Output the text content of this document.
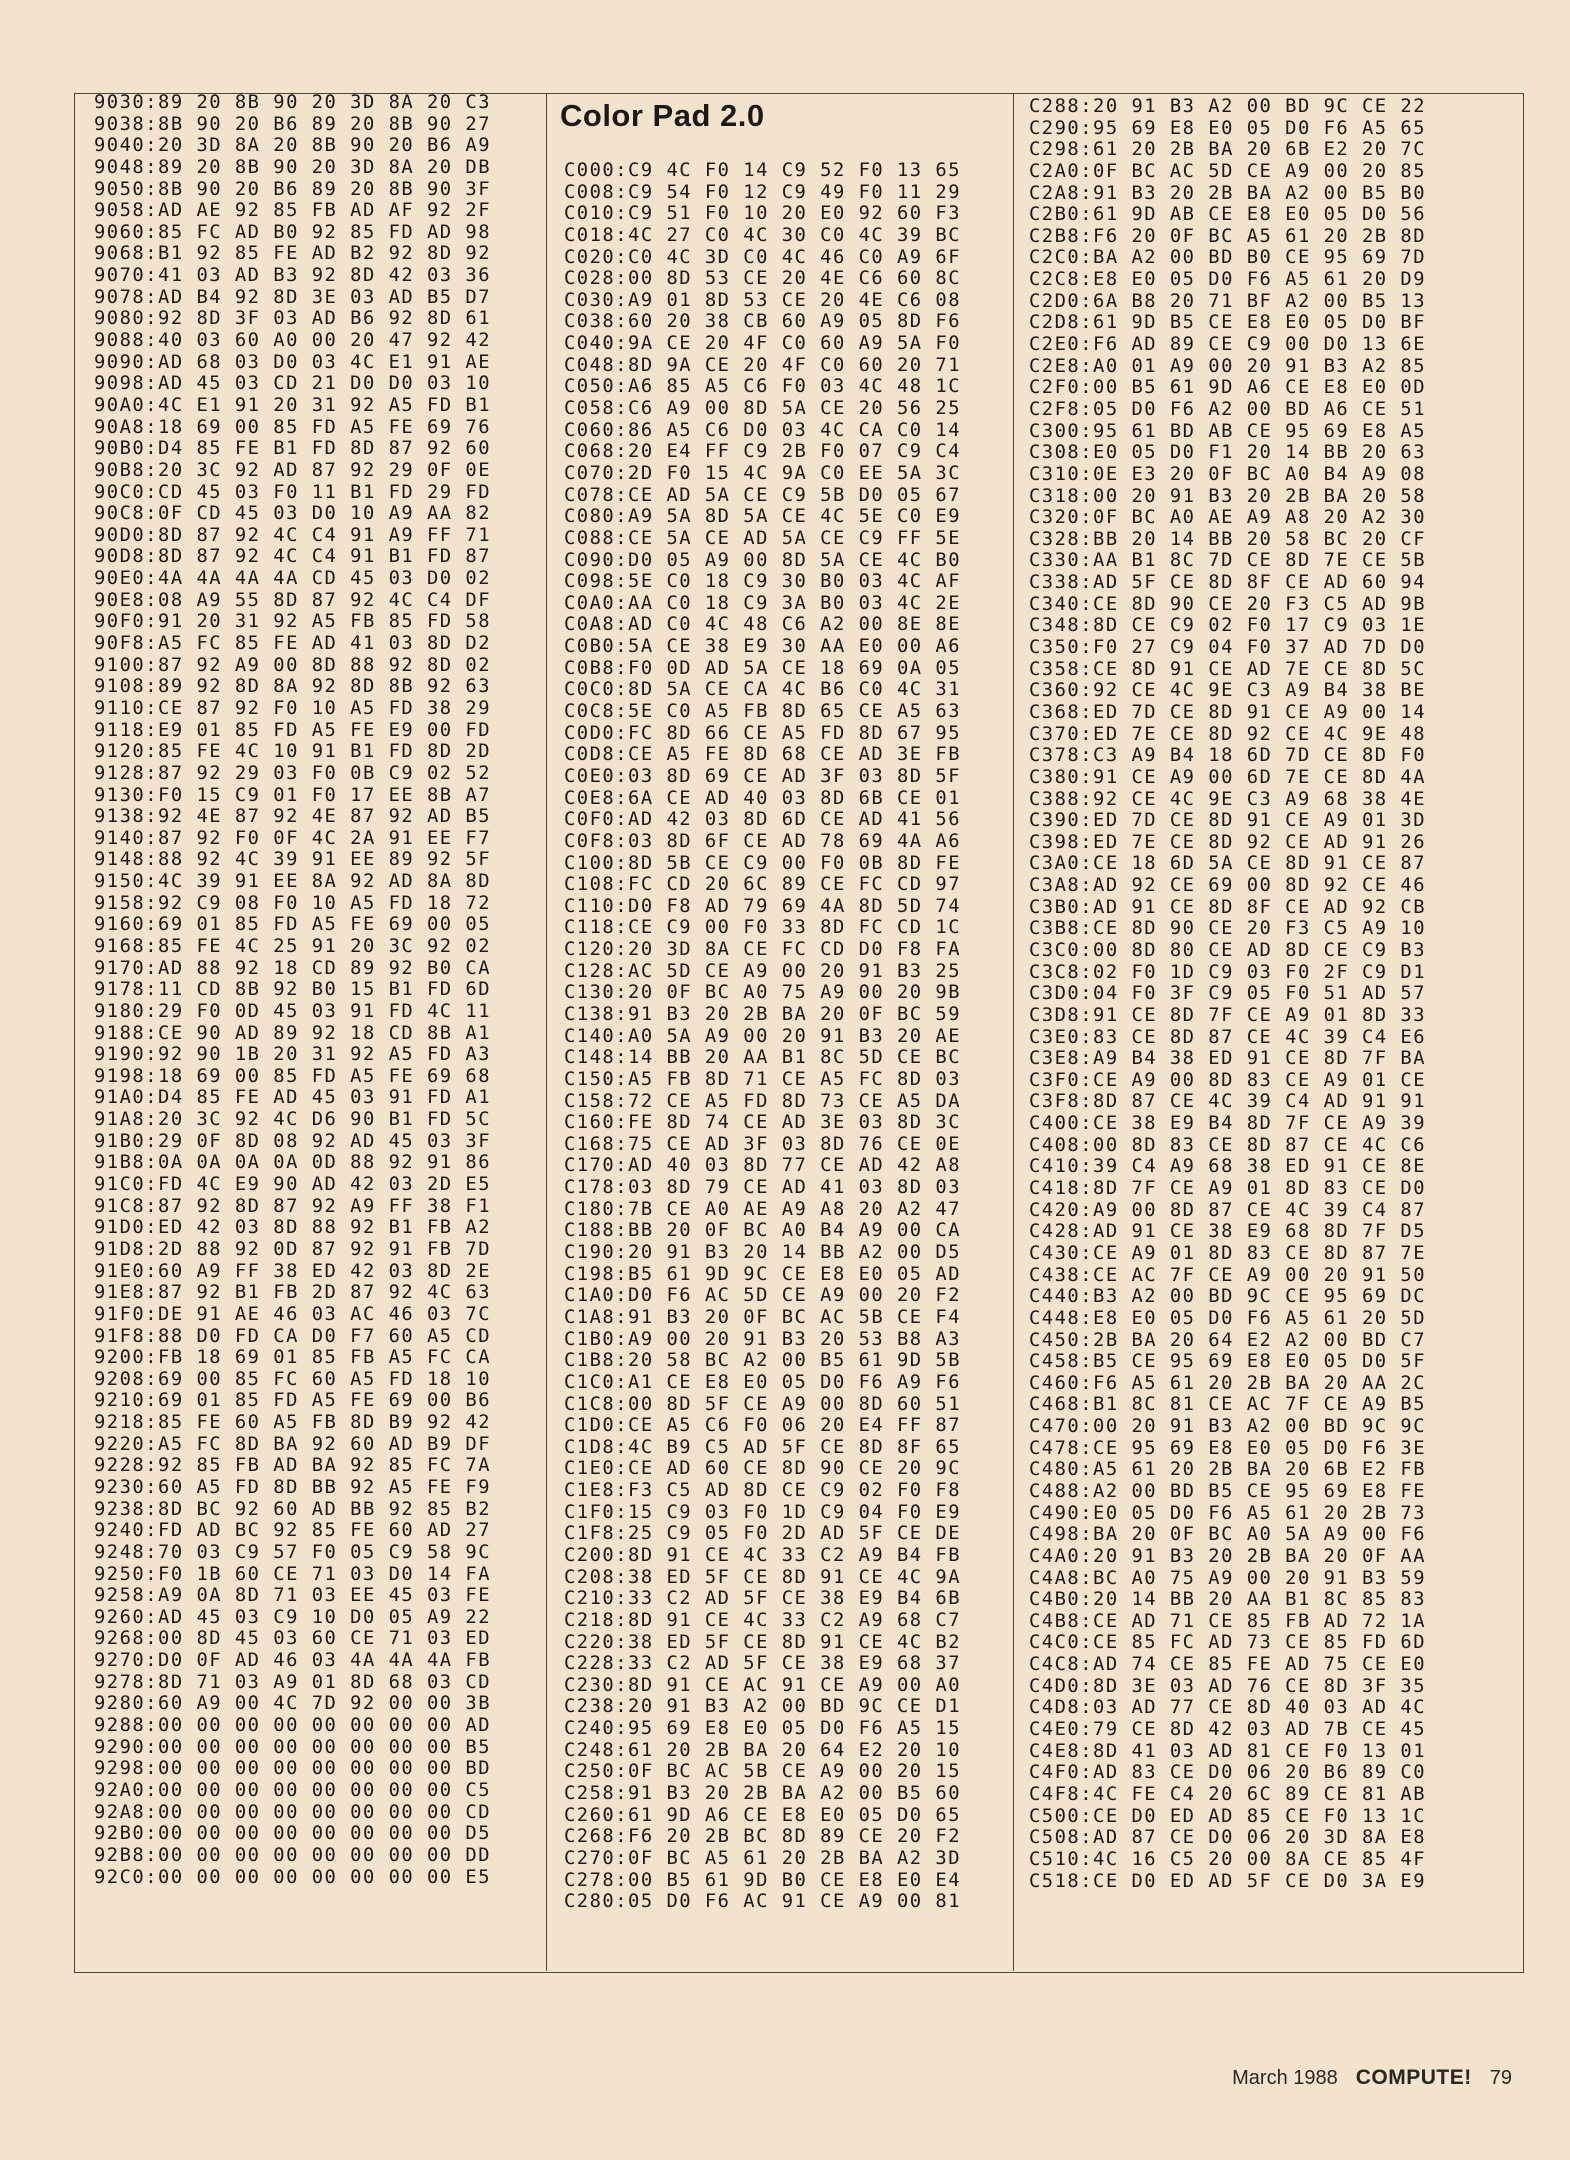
9030:89 20 8B 90 20 3D 8A 20 C3
9038:8B 90 20 B6 89 20 8B 90 27
9040:20 3D 8A 20 8B 90 20 B6 A9
9048:89 20 8B 90 20 3D 8A 20 DB
9050:8B 90 20 B6 89 20 8B 90 3F
9058:AD AE 92 85 FB AD AF 92 2F
9060:85 FC AD B0 92 85 FD AD 98
9068:B1 92 85 FE AD B2 92 8D 92
9070:41 03 AD B3 92 8D 42 03 36
9078:AD B4 92 8D 3E 03 AD B5 D7
9080:92 8D 3F 03 AD B6 92 8D 61
9088:40 03 60 A0 00 20 47 92 42
9090:AD 68 03 D0 03 4C E1 91 AE
9098:AD 45 03 CD 21 D0 D0 03 10
90A0:4C E1 91 20 31 92 A5 FD B1
90A8:18 69 00 85 FD A5 FE 69 76
90B0:D4 85 FE B1 FD 8D 87 92 60
90B8:20 3C 92 AD 87 92 29 0F 0E
90C0:CD 45 03 F0 11 B1 FD 29 FD
90C8:0F CD 45 03 D0 10 A9 AA 82
90D0:8D 87 92 4C C4 91 A9 FF 71
90D8:8D 87 92 4C C4 91 B1 FD 87
90E0:4A 4A 4A 4A CD 45 03 D0 02
90E8:08 A9 55 8D 87 92 4C C4 DF
90F0:91 20 31 92 A5 FB 85 FD 58
90F8:A5 FC 85 FE AD 41 03 8D D2
9100:87 92 A9 00 8D 88 92 8D 02
9108:89 92 8D 8A 92 8D 8B 92 63
9110:CE 87 92 F0 10 A5 FD 38 29
9118:E9 01 85 FD A5 FE E9 00 FD
9120:85 FE 4C 10 91 B1 FD 8D 2D
9128:87 92 29 03 F0 0B C9 02 52
9130:F0 15 C9 01 F0 17 EE 8B A7
9138:92 4E 87 92 4E 87 92 AD B5
9140:87 92 F0 0F 4C 2A 91 EE F7
9148:88 92 4C 39 91 EE 89 92 5F
9150:4C 39 91 EE 8A 92 AD 8A 8D
9158:92 C9 08 F0 10 A5 FD 18 72
9160:69 01 85 FD A5 FE 69 00 05
9168:85 FE 4C 25 91 20 3C 92 02
9170:AD 88 92 18 CD 89 92 B0 CA
9178:11 CD 8B 92 B0 15 B1 FD 6D
9180:29 F0 0D 45 03 91 FD 4C 11
9188:CE 90 AD 89 92 18 CD 8B A1
9190:92 90 1B 20 31 92 A5 FD A3
9198:18 69 00 85 FD A5 FE 69 68
91A0:D4 85 FE AD 45 03 91 FD A1
91A8:20 3C 92 4C D6 90 B1 FD 5C
91B0:29 0F 8D 08 92 AD 45 03 3F
91B8:0A 0A 0A 0A 0D 88 92 91 86
91C0:FD 4C E9 90 AD 42 03 2D E5
91C8:87 92 8D 87 92 A9 FF 38 F1
91D0:ED 42 03 8D 88 92 B1 FB A2
91D8:2D 88 92 0D 87 92 91 FB 7D
91E0:60 A9 FF 38 ED 42 03 8D 2E
91E8:87 92 B1 FB 2D 87 92 4C 63
91F0:DE 91 AE 46 03 AC 46 03 7C
91F8:88 D0 FD CA D0 F7 60 A5 CD
9200:FB 18 69 01 85 FB A5 FC CA
9208:69 00 85 FC 60 A5 FD 18 10
9210:69 01 85 FD A5 FE 69 00 B6
9218:85 FE 60 A5 FB 8D B9 92 42
9220:A5 FC 8D BA 92 60 AD B9 DF
9228:92 85 FB AD BA 92 85 FC 7A
9230:60 A5 FD 8D BB 92 A5 FE F9
9238:8D BC 92 60 AD BB 92 85 B2
9240:FD AD BC 92 85 FE 60 AD 27
9248:70 03 C9 57 F0 05 C9 58 9C
9250:F0 1B 60 CE 71 03 D0 14 FA
9258:A9 0A 8D 71 03 EE 45 03 FE
9260:AD 45 03 C9 10 D0 05 A9 22
9268:00 8D 45 03 60 CE 71 03 ED
9270:D0 0F AD 46 03 4A 4A 4A FB
9278:8D 71 03 A9 01 8D 68 03 CD
9280:60 A9 00 4C 7D 92 00 00 3B
9288:00 00 00 00 00 00 00 00 AD
9290:00 00 00 00 00 00 00 00 B5
9298:00 00 00 00 00 00 00 00 BD
92A0:00 00 00 00 00 00 00 00 C5
92A8:00 00 00 00 00 00 00 00 CD
92B0:00 00 00 00 00 00 00 00 D5
92B8:00 00 00 00 00 00 00 00 DD
92C0:00 00 00 00 00 00 00 00 E5
Color Pad 2.0
C000:C9 4C F0 14 C9 52 F0 13 65
C008:C9 54 F0 12 C9 49 F0 11 29
C010:C9 51 F0 10 20 E0 92 60 F3
C018:4C 27 C0 4C 30 C0 4C 39 BC
C020:C0 4C 3D C0 4C 46 C0 A9 6F
C028:00 8D 53 CE 20 4E C6 60 8C
C030:A9 01 8D 53 CE 20 4E C6 08
C038:60 20 38 CB 60 A9 05 8D F6
C040:9A CE 20 4F C0 60 A9 5A F0
C048:8D 9A CE 20 4F C0 60 20 71
C050:A6 85 A5 C6 F0 03 4C 48 1C
C058:C6 A9 00 8D 5A CE 20 56 25
C060:86 A5 C6 D0 03 4C CA C0 14
C068:20 E4 FF C9 2B F0 07 C9 C4
C070:2D F0 15 4C 9A C0 EE 5A 3C
C078:CE AD 5A CE C9 5B D0 05 67
C080:A9 5A 8D 5A CE 4C 5E C0 E9
C088:CE 5A CE AD 5A CE C9 FF 5E
C090:D0 05 A9 00 8D 5A CE 4C B0
C098:5E C0 18 C9 30 B0 03 4C AF
C0A0:AA C0 18 C9 3A B0 03 4C 2E
C0A8:AD C0 4C 48 C6 A2 00 8E 8E
C0B0:5A CE 38 E9 30 AA E0 00 A6
C0B8:F0 0D AD 5A CE 18 69 0A 05
C0C0:8D 5A CE CA 4C B6 C0 4C 31
C0C8:5E C0 A5 FB 8D 65 CE A5 63
C0D0:FC 8D 66 CE A5 FD 8D 67 95
C0D8:CE A5 FE 8D 68 CE AD 3E FB
C0E0:03 8D 69 CE AD 3F 03 8D 5F
C0E8:6A CE AD 40 03 8D 6B CE 01
C0F0:AD 42 03 8D 6D CE AD 41 56
C0F8:03 8D 6F CE AD 78 69 4A A6
C100:8D 5B CE C9 00 F0 0B 8D FE
C108:FC CD 20 6C 89 CE FC CD 97
C110:D0 F8 AD 79 69 4A 8D 5D 74
C118:CE C9 00 F0 33 8D FC CD 1C
C120:20 3D 8A CE FC CD D0 F8 FA
C128:AC 5D CE A9 00 20 91 B3 25
C130:20 0F BC A0 75 A9 00 20 9B
C138:91 B3 20 2B BA 20 0F BC 59
C140:A0 5A A9 00 20 91 B3 20 AE
C148:14 BB 20 AA B1 8C 5D CE BC
C150:A5 FB 8D 71 CE A5 FC 8D 03
C158:72 CE A5 FD 8D 73 CE A5 DA
C160:FE 8D 74 CE AD 3E 03 8D 3C
C168:75 CE AD 3F 03 8D 76 CE 0E
C170:AD 40 03 8D 77 CE AD 42 A8
C178:03 8D 79 CE AD 41 03 8D 03
C180:7B CE A0 AE A9 A8 20 A2 47
C188:BB 20 0F BC A0 B4 A9 00 CA
C190:20 91 B3 20 14 BB A2 00 D5
C198:B5 61 9D 9C CE E8 E0 05 AD
C1A0:D0 F6 AC 5D CE A9 00 20 F2
C1A8:91 B3 20 0F BC AC 5B CE F4
C1B0:A9 00 20 91 B3 20 53 B8 A3
C1B8:20 58 BC A2 00 B5 61 9D 5B
C1C0:A1 CE E8 E0 05 D0 F6 A9 F6
C1C8:00 8D 5F CE A9 00 8D 60 51
C1D0:CE A5 C6 F0 06 20 E4 FF 87
C1D8:4C B9 C5 AD 5F CE 8D 8F 65
C1E0:CE AD 60 CE 8D 90 CE 20 9C
C1E8:F3 C5 AD 8D CE C9 02 F0 F8
C1F0:15 C9 03 F0 1D C9 04 F0 E9
C1F8:25 C9 05 F0 2D AD 5F CE DE
C200:8D 91 CE 4C 33 C2 A9 B4 FB
C208:38 ED 5F CE 8D 91 CE 4C 9A
C210:33 C2 AD 5F CE 38 E9 B4 6B
C218:8D 91 CE 4C 33 C2 A9 68 C7
C220:38 ED 5F CE 8D 91 CE 4C B2
C228:33 C2 AD 5F CE 38 E9 68 37
C230:8D 91 CE AC 91 CE A9 00 A0
C238:20 91 B3 A2 00 BD 9C CE D1
C240:95 69 E8 E0 05 D0 F6 A5 15
C248:61 20 2B BA 20 64 E2 20 10
C250:0F BC AC 5B CE A9 00 20 15
C258:91 B3 20 2B BA A2 00 B5 60
C260:61 9D A6 CE E8 E0 05 D0 65
C268:F6 20 2B BC 8D 89 CE 20 F2
C270:0F BC A5 61 20 2B BA A2 3D
C278:00 B5 61 9D B0 CE E8 E0 E4
C280:05 D0 F6 AC 91 CE A9 00 81
C288:20 91 B3 A2 00 BD 9C CE 22
C290:95 69 E8 E0 05 D0 F6 A5 65
C298:61 20 2B BA 20 6B E2 20 7C
C2A0:0F BC AC 5D CE A9 00 20 85
C2A8:91 B3 20 2B BA A2 00 B5 B0
C2B0:61 9D AB CE E8 E0 05 D0 56
C2B8:F6 20 0F BC A5 61 20 2B 8D
C2C0:BA A2 00 BD B0 CE 95 69 7D
C2C8:E8 E0 05 D0 F6 A5 61 20 D9
C2D0:6A B8 20 71 BF A2 00 B5 13
C2D8:61 9D B5 CE E8 E0 05 D0 BF
C2E0:F6 AD 89 CE C9 00 D0 13 6E
C2E8:A0 01 A9 00 20 91 B3 A2 85
C2F0:00 B5 61 9D A6 CE E8 E0 0D
C2F8:05 D0 F6 A2 00 BD A6 CE 51
C300:95 61 BD AB CE 95 69 E8 A5
C308:E0 05 D0 F1 20 14 BB 20 63
C310:0E E3 20 0F BC A0 B4 A9 08
C318:00 20 91 B3 20 2B BA 20 58
C320:0F BC A0 AE A9 A8 20 A2 30
C328:BB 20 14 BB 20 58 BC 20 CF
C330:AA B1 8C 7D CE 8D 7E CE 5B
C338:AD 5F CE 8D 8F CE AD 60 94
C340:CE 8D 90 CE 20 F3 C5 AD 9B
C348:8D CE C9 02 F0 17 C9 03 1E
C350:F0 27 C9 04 F0 37 AD 7D D0
C358:CE 8D 91 CE AD 7E CE 8D 5C
C360:92 CE 4C 9E C3 A9 B4 38 BE
C368:ED 7D CE 8D 91 CE A9 00 14
C370:ED 7E CE 8D 92 CE 4C 9E 48
C378:C3 A9 B4 18 6D 7D CE 8D F0
C380:91 CE A9 00 6D 7E CE 8D 4A
C388:92 CE 4C 9E C3 A9 68 38 4E
C390:ED 7D CE 8D 91 CE A9 01 3D
C398:ED 7E CE 8D 92 CE AD 91 26
C3A0:CE 18 6D 5A CE 8D 91 CE 87
C3A8:AD 92 CE 69 00 8D 92 CE 46
C3B0:AD 91 CE 8D 8F CE AD 92 CB
C3B8:CE 8D 90 CE 20 F3 C5 A9 10
C3C0:00 8D 80 CE AD 8D CE C9 B3
C3C8:02 F0 1D C9 03 F0 2F C9 D1
C3D0:04 F0 3F C9 05 F0 51 AD 57
C3D8:91 CE 8D 7F CE A9 01 8D 33
C3E0:83 CE 8D 87 CE 4C 39 C4 E6
C3E8:A9 B4 38 ED 91 CE 8D 7F BA
C3F0:CE A9 00 8D 83 CE A9 01 CE
C3F8:8D 87 CE 4C 39 C4 AD 91 91
C400:CE 38 E9 B4 8D 7F CE A9 39
C408:00 8D 83 CE 8D 87 CE 4C C6
C410:39 C4 A9 68 38 ED 91 CE 8E
C418:8D 7F CE A9 01 8D 83 CE D0
C420:A9 00 8D 87 CE 4C 39 C4 87
C428:AD 91 CE 38 E9 68 8D 7F D5
C430:CE A9 01 8D 83 CE 8D 87 7E
C438:CE AC 7F CE A9 00 20 91 50
C440:B3 A2 00 BD 9C CE 95 69 DC
C448:E8 E0 05 D0 F6 A5 61 20 5D
C450:2B BA 20 64 E2 A2 00 BD C7
C458:B5 CE 95 69 E8 E0 05 D0 5F
C460:F6 A5 61 20 2B BA 20 AA 2C
C468:B1 8C 81 CE AC 7F CE A9 B5
C470:00 20 91 B3 A2 00 BD 9C 9C
C478:CE 95 69 E8 E0 05 D0 F6 3E
C480:A5 61 20 2B BA 20 6B E2 FB
C488:A2 00 BD B5 CE 95 69 E8 FE
C490:E0 05 D0 F6 A5 61 20 2B 73
C498:BA 20 0F BC A0 5A A9 00 F6
C4A0:20 91 B3 20 2B BA 20 0F AA
C4A8:BC A0 75 A9 00 20 91 B3 59
C4B0:20 14 BB 20 AA B1 8C 85 83
C4B8:CE AD 71 CE 85 FB AD 72 1A
C4C0:CE 85 FC AD 73 CE 85 FD 6D
C4C8:AD 74 CE 85 FE AD 75 CE E0
C4D0:8D 3E 03 AD 76 CE 8D 3F 35
C4D8:03 AD 77 CE 8D 40 03 AD 4C
C4E0:79 CE 8D 42 03 AD 7B CE 45
C4E8:8D 41 03 AD 81 CE F0 13 01
C4F0:AD 83 CE D0 06 20 B6 89 C0
C4F8:4C FE C4 20 6C 89 CE 81 AB
C500:CE D0 ED AD 85 CE F0 13 1C
C508:AD 87 CE D0 06 20 3D 8A E8
C510:4C 16 C5 20 00 8A CE 85 4F
C518:CE D0 ED AD 5F CE D0 3A E9
March 1988 COMPUTE! 79
